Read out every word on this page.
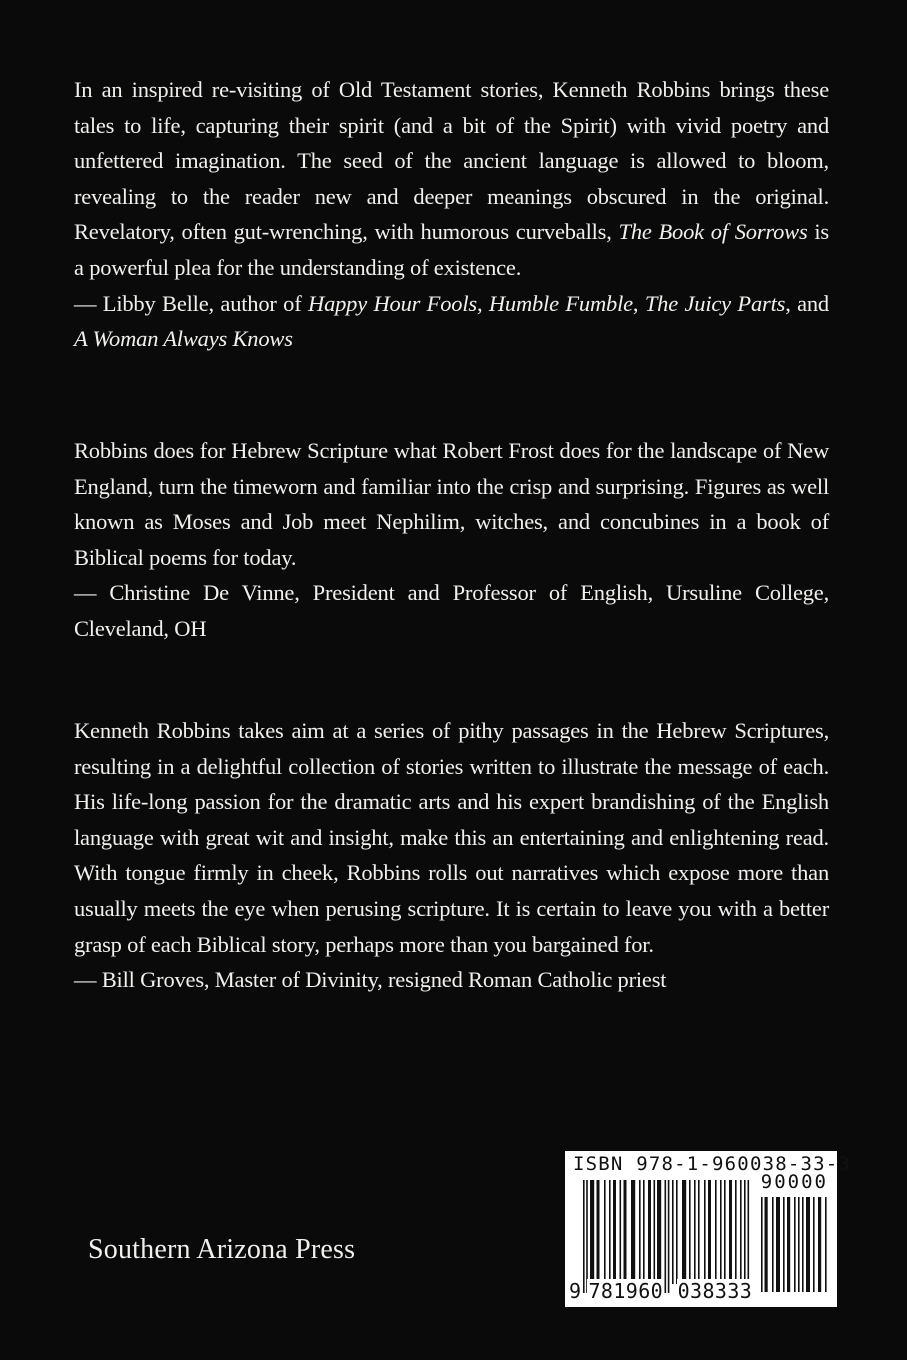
In an inspired re-visiting of Old Testament stories, Kenneth Robbins brings these tales to life, capturing their spirit (and a bit of the Spirit) with vivid poetry and unfettered imagination. The seed of the ancient language is allowed to bloom, revealing to the reader new and deeper meanings obscured in the original. Revelatory, often gut-wrenching, with humorous curveballs, The Book of Sorrows is a powerful plea for the understanding of existence.

— Libby Belle, author of Happy Hour Fools, Humble Fumble, The Juicy Parts, and A Woman Always Knows

Robbins does for Hebrew Scripture what Robert Frost does for the landscape of New England, turn the timeworn and familiar into the crisp and surprising. Figures as well known as Moses and Job meet Nephilim, witches, and concubines in a book of Biblical poems for today.

— Christine De Vinne, President and Professor of English, Ursuline College, Cleveland, OH

Kenneth Robbins takes aim at a series of pithy passages in the Hebrew Scriptures, resulting in a delightful collection of stories written to illustrate the message of each. His life-long passion for the dramatic arts and his expert brandishing of the English language with great wit and insight, make this an entertaining and enlightening read. With tongue firmly in cheek, Robbins rolls out narratives which expose more than usually meets the eye when perusing scripture. It is certain to leave you with a better grasp of each Biblical story, perhaps more than you bargained for.

— Bill Groves, Master of Divinity, resigned Roman Catholic priest

Southern Arizona Press
ISBN 978-1-960038-33-3
90000
9 781960  038333
